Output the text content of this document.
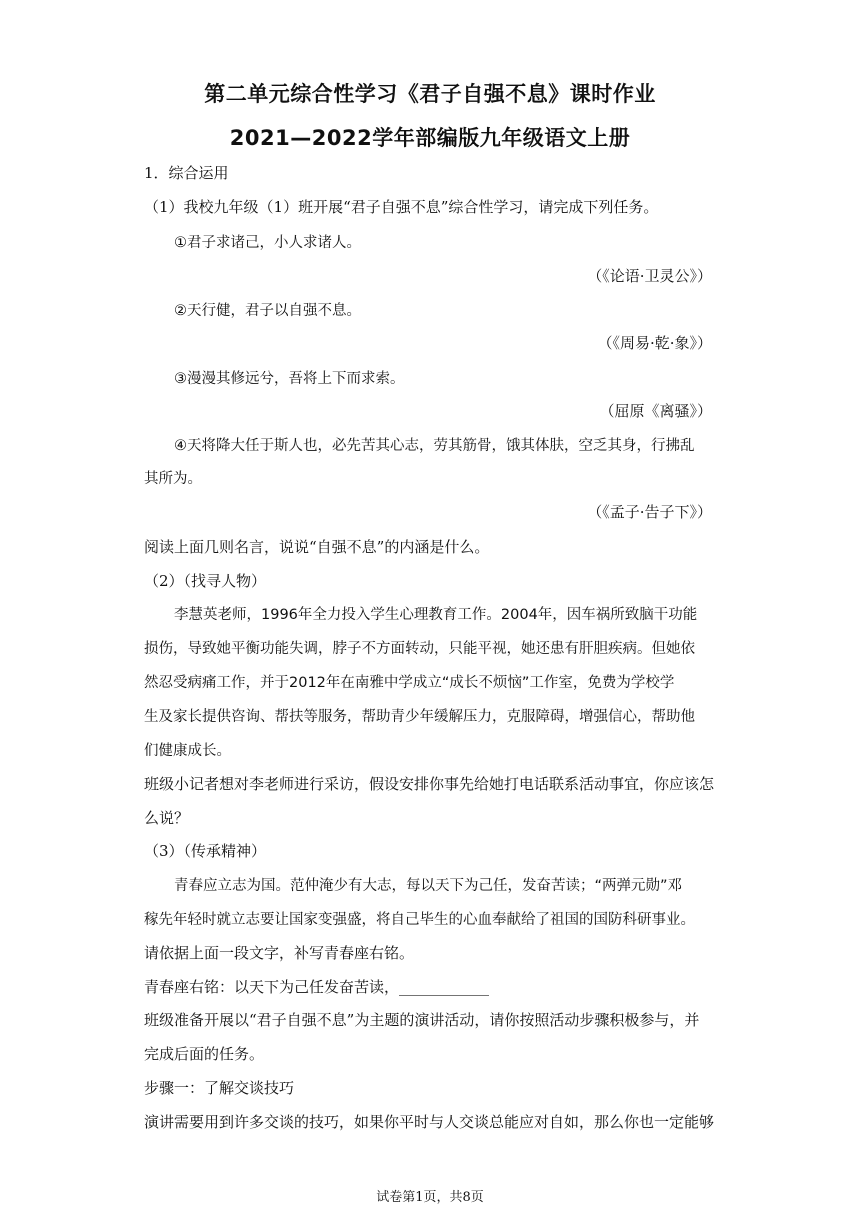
第二单元综合性学习《君子自强不息》课时作业
2021—2022学年部编版九年级语文上册
1．综合运用
（1）我校九年级（1）班开展“君子自强不息”综合性学习，请完成下列任务。
①君子求诸己，小人求诸人。
（《论语·卫灵公》）
②天行健，君子以自强不息。
（《周易·乾·象》）
③漫漫其修远兮，吾将上下而求索。
（屈原《离骚》）
④天将降大任于斯人也，必先苦其心志，劳其筋骨，饿其体肤，空乏其身，行拂乱
其所为。
（《孟子·告子下》）
阅读上面几则名言，说说“自强不息”的内涵是什么。
（2）（找寻人物）
李慧英老师，1996年全力投入学生心理教育工作。2004年，因车祸所致脑干功能
损伤，导致她平衡功能失调，脖子不方面转动，只能平视，她还患有肝胆疾病。但她依
然忍受病痛工作，并于2012年在南雅中学成立“成长不烦恼”工作室，免费为学校学
生及家长提供咨询、帮扶等服务，帮助青少年缓解压力，克服障碍，增强信心，帮助他
们健康成长。
班级小记者想对李老师进行采访，假设安排你事先给她打电话联系活动事宜，你应该怎
么说？
（3）（传承精神）
青春应立志为国。范仲淹少有大志，每以天下为己任，发奋苦读；“两弹元勋”邓
稼先年轻时就立志要让国家变强盛，将自己毕生的心血奉献给了祖国的国防科研事业。
请依据上面一段文字，补写青春座右铭。
青春座右铭：以天下为己任发奋苦读，____________
班级准备开展以“君子自强不息”为主题的演讲活动，请你按照活动步骤积极参与，并
完成后面的任务。
步骤一：了解交谈技巧
演讲需要用到许多交谈的技巧，如果你平时与人交谈总能应对自如，那么你也一定能够
试卷第1页，共8页
